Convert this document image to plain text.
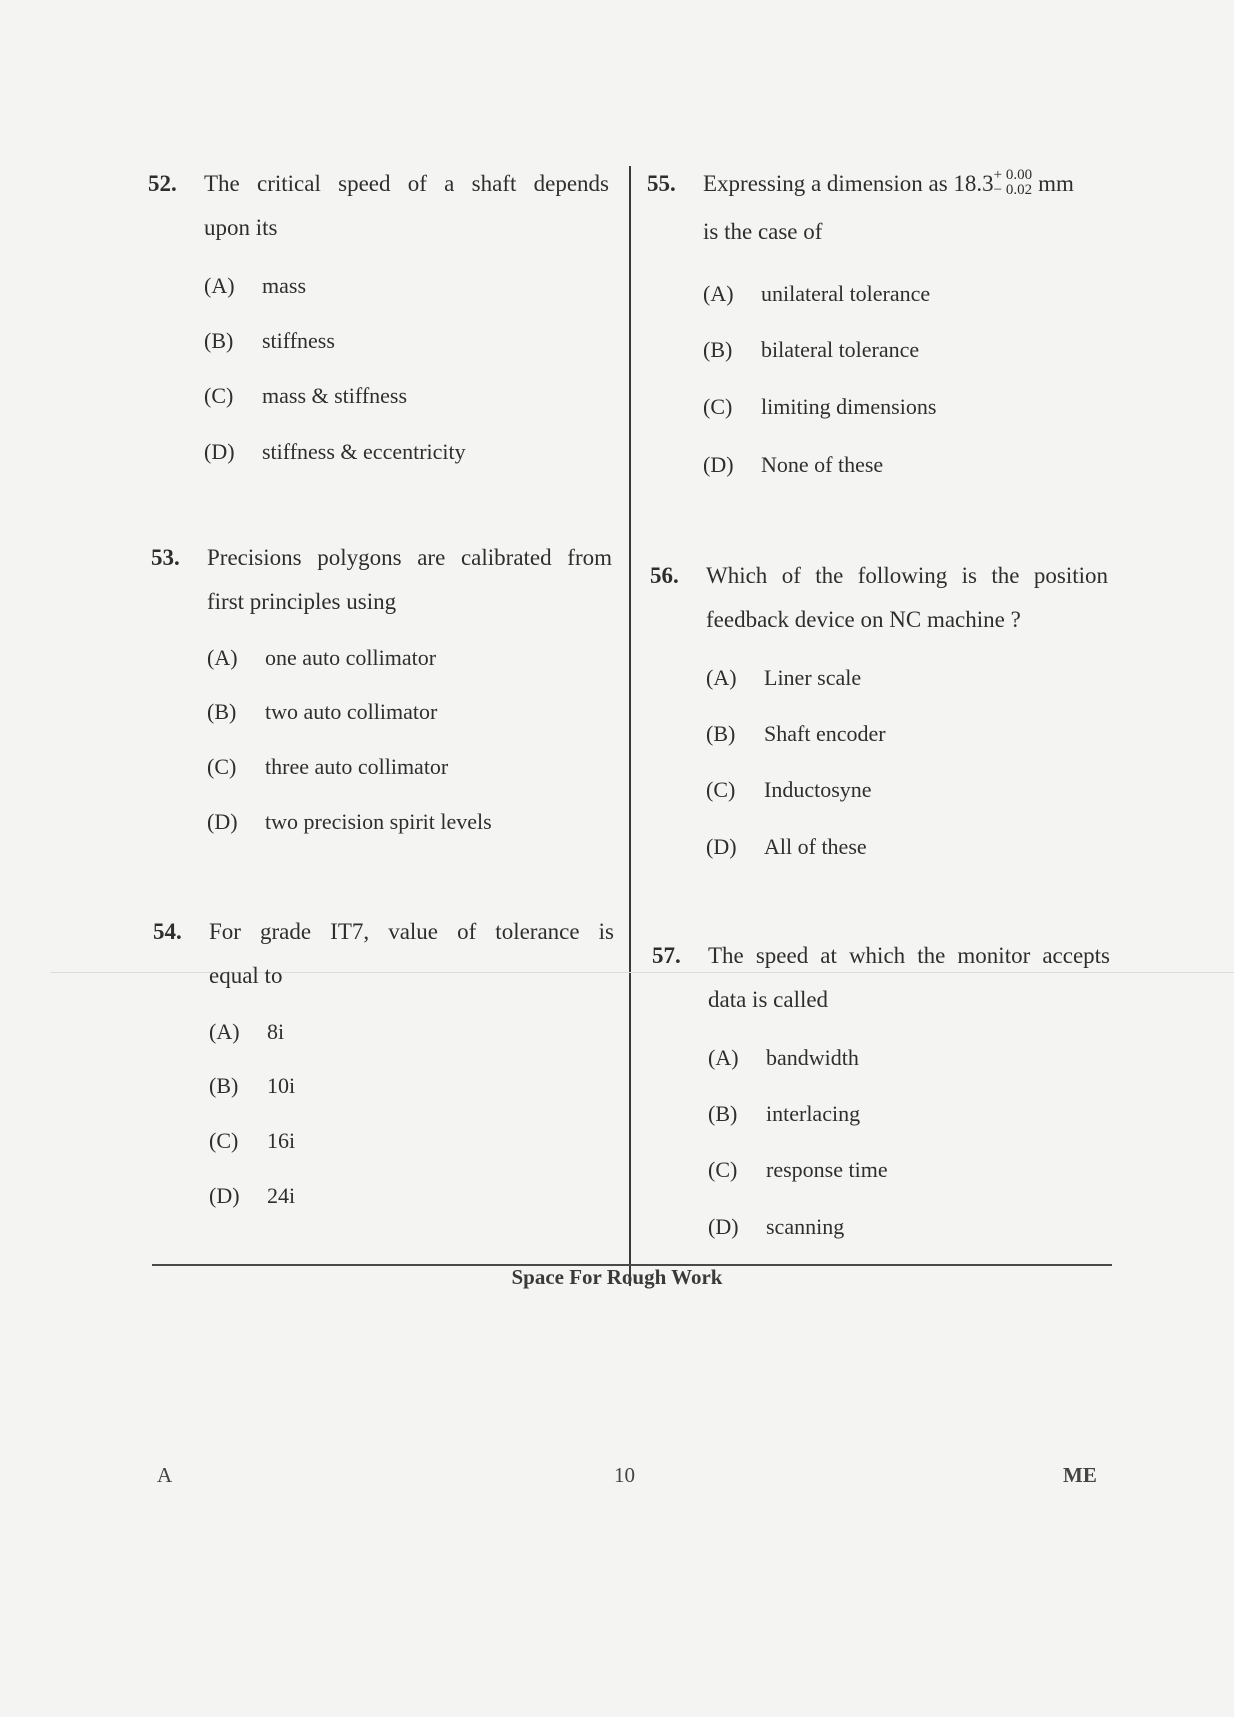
52. The critical speed of a shaft depends
upon its
(A) mass
(B) stiffness
(C) mass & stiffness
(D) stiffness & eccentricity
53. Precisions polygons are calibrated from
first principles using
(A) one auto collimator
(B) two auto collimator
(C) three auto collimator
(D) two precision spirit levels
54. For grade IT7, value of tolerance is
equal to
(A) 8i
(B) 10i
(C) 16i
(D) 24i
55. Expressing a dimension as 18.3 + 0.00
− 0.02 mm
is the case of
(A) unilateral tolerance
(B) bilateral tolerance
(C) limiting dimensions
(D) None of these
56. Which of the following is the position
feedback device on NC machine ?
(A) Liner scale
(B) Shaft encoder
(C) Inductosyne
(D) All of these
57. The speed at which the monitor accepts
data is called
(A) bandwidth
(B) interlacing
(C) response time
(D) scanning
Space For Rough Work
A	10	ME
